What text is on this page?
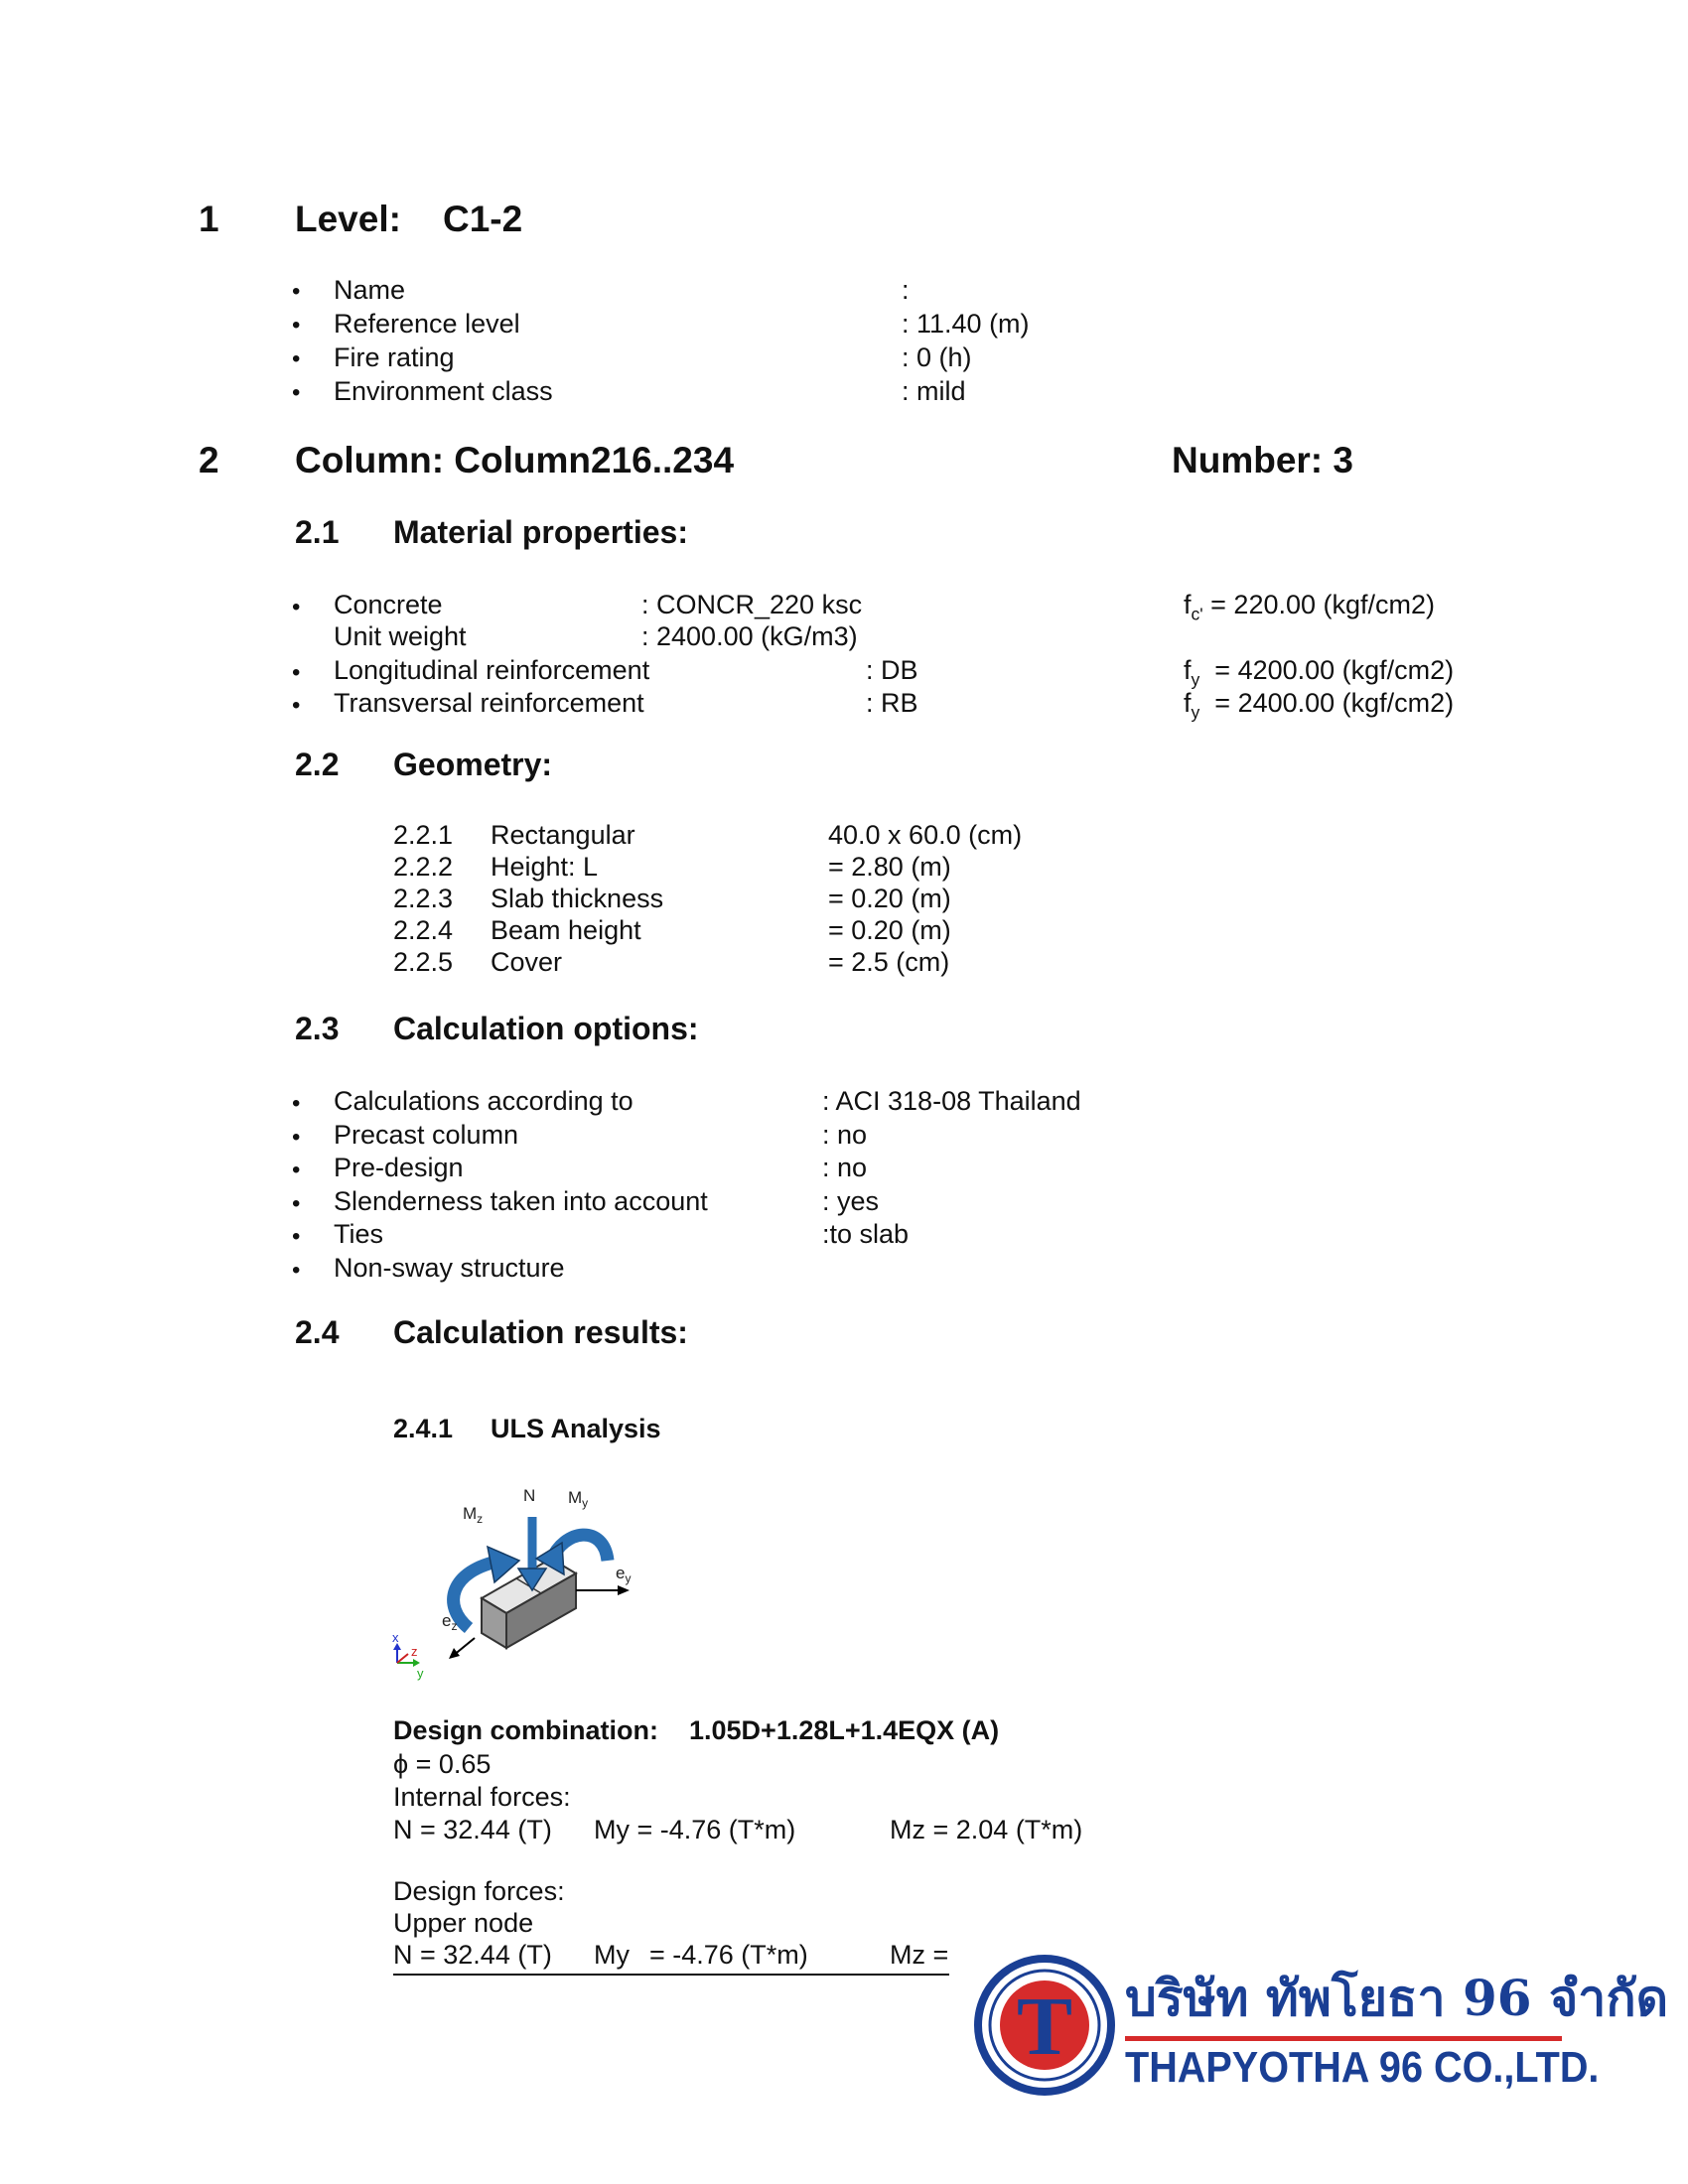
1 Level: C1-2
• Name	:
• Reference level	: 11.40 (m)
• Fire rating	: 0 (h)
• Environment class	: mild
2 Column: Column216..234	Number: 3
2.1 Material properties:
• Concrete	: CONCR_220 ksc	$f_{c'} = 220.00$ (kgf/cm2)
Unit weight	: 2400.00 (kG/m3)
• Longitudinal reinforcement	: DB	$f_y = 4200.00$ (kgf/cm2)
• Transversal reinforcement	: RB	$f_y = 2400.00$ (kgf/cm2)
2.2 Geometry:
2.2.1 Rectangular	40.0 x 60.0 (cm)
2.2.2 Height: L	= 2.80 (m)
2.2.3 Slab thickness	= 0.20 (m)
2.2.4 Beam height	= 0.20 (m)
2.2.5 Cover	= 2.5 (cm)
2.3 Calculation options:
• Calculations according to	: ACI 318-08 Thailand
• Precast column	: no
• Pre-design	: no
• Slenderness taken into account	: yes
• Ties	:to slab
• Non-sway structure
2.4 Calculation results:
2.4.1 ULS Analysis
N
$M_z$
$M_y$
$e_y$
$e_z$
x
z
y
Design combination: 1.05D+1.28L+1.4EQX (A)
ϕ = 0.65
Internal forces:
N = 32.44 (T) My = -4.76 (T*m)	Mz = 2.04 (T*m)
Design forces:
Upper node
N = 32.44 (T) My = -4.76 (T*m)	Mz =
T บริษัท ทัพโยธา 96 จำกัด
THAPYOTHA 96 CO.,LTD.
